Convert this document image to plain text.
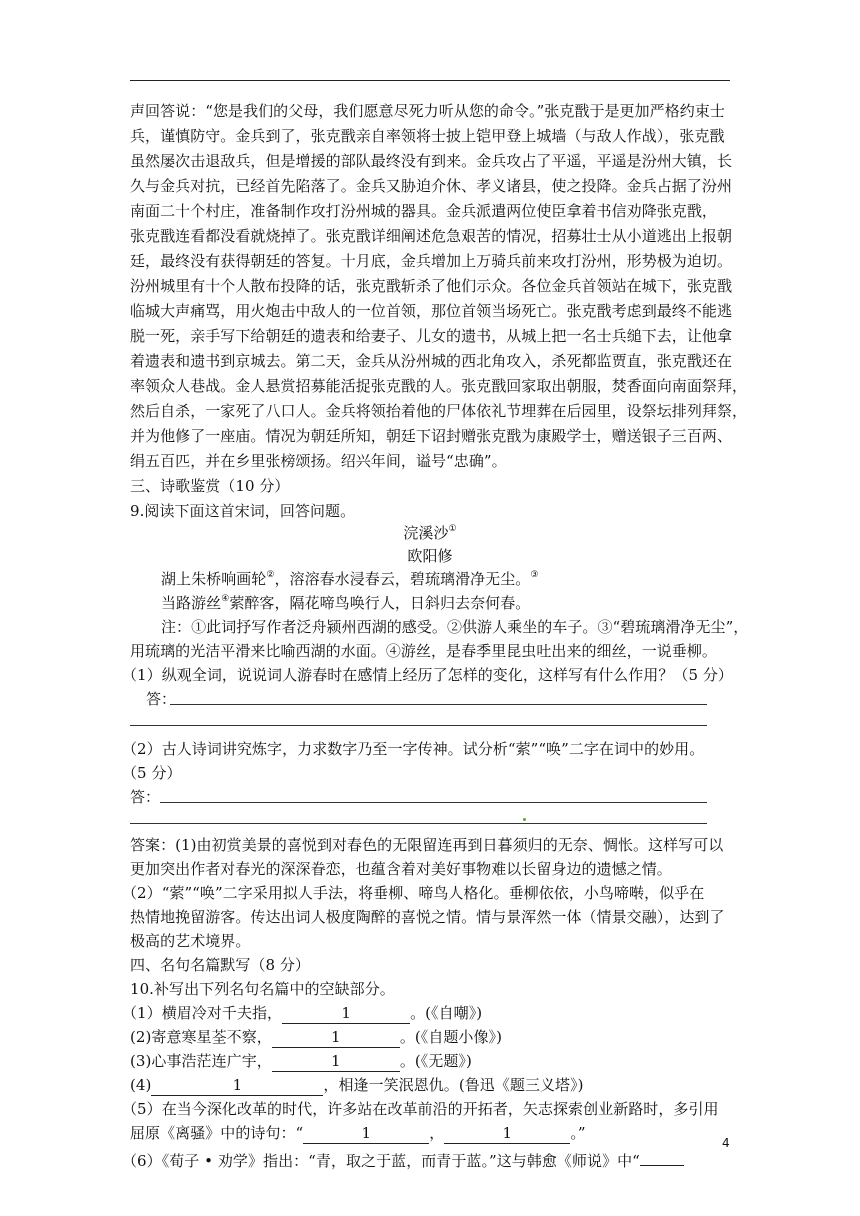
声回答说：“您是我们的父母，我们愿意尽死力听从您的命令。”张克戬于是更加严格约束士
兵，谨慎防守。金兵到了，张克戬亲自率领将士披上铠甲登上城墙（与敌人作战），张克戬
虽然屡次击退敌兵，但是增援的部队最终没有到来。金兵攻占了平遥，平遥是汾州大镇，长
久与金兵对抗，已经首先陷落了。金兵又胁迫介休、孝义诸县，使之投降。金兵占据了汾州
南面二十个村庄，准备制作攻打汾州城的器具。金兵派遣两位使臣拿着书信劝降张克戬，
张克戬连看都没看就烧掉了。张克戬详细阐述危急艰苦的情况，招募壮士从小道逃出上报朝
廷，最终没有获得朝廷的答复。十月底，金兵增加上万骑兵前来攻打汾州，形势极为迫切。
汾州城里有十个人散布投降的话，张克戬斩杀了他们示众。各位金兵首领站在城下，张克戬
临城大声痛骂，用火炮击中敌人的一位首领，那位首领当场死亡。张克戬考虑到最终不能逃
脱一死，亲手写下给朝廷的遗表和给妻子、儿女的遗书，从城上把一名士兵缒下去，让他拿
着遗表和遗书到京城去。第二天，金兵从汾州城的西北角攻入，杀死都监贾直，张克戬还在
率领众人巷战。金人悬赏招募能活捉张克戬的人。张克戬回家取出朝服，焚香面向南面祭拜，
然后自杀，一家死了八口人。金兵将领抬着他的尸体依礼节埋葬在后园里，设祭坛排列拜祭，
并为他修了一座庙。情况为朝廷所知，朝廷下诏封赠张克戬为康殿学士，赠送银子三百两、
绢五百匹，并在乡里张榜颂扬。绍兴年间，谥号“忠确”。
三、诗歌鉴赏（10 分）
9.阅读下面这首宋词，回答问题。
浣溪沙①
欧阳修
湖上朱桥响画轮②，溶溶春水浸春云，碧琉璃滑净无尘。③
当路游丝④萦醉客，隔花啼鸟唤行人，日斜归去奈何春。
注：①此词抒写作者泛舟颍州西湖的感受。②供游人乘坐的车子。③“碧琉璃滑净无尘”，
用琉璃的光洁平滑来比喻西湖的水面。④游丝，是春季里昆虫吐出来的细丝，一说垂柳。
（1）纵观全词，说说词人游春时在感情上经历了怎样的变化，这样写有什么作用？（5 分）
答：
（2）古人诗词讲究炼字，力求数字乃至一字传神。试分析“萦”“唤”二字在词中的妙用。
（5 分）
答：
答案：(1)由初赏美景的喜悦到对春色的无限留连再到日暮须归的无奈、惆怅。这样写可以
更加突出作者对春光的深深眷恋，也蕴含着对美好事物难以长留身边的遗憾之情。
（2）“萦”“唤”二字采用拟人手法，将垂柳、啼鸟人格化。垂柳依依，小鸟啼啭，似乎在
热情地挽留游客。传达出词人极度陶醉的喜悦之情。情与景浑然一体（情景交融），达到了
极高的艺术境界。
四、名句名篇默写（8 分）
10.补写出下列名句名篇中的空缺部分。
（1）横眉冷对千夫指，	1	。(《自嘲》)
(2)寄意寒星荃不察，	1	。(《自题小像》)
(3)心事浩茫连广宇，	1	。(《无题》)
(4)	1	，相逢一笑泯恩仇。(鲁迅《题三义塔》)
（5）在当今深化改革的时代，许多站在改革前沿的开拓者，矢志探索创业新路时，多引用
屈原《离骚》中的诗句：“	1	，	1	。”
（6）《荀子 • 劝学》指出：“青，取之于蓝，而青于蓝。”这与韩愈《师说》中“
4
